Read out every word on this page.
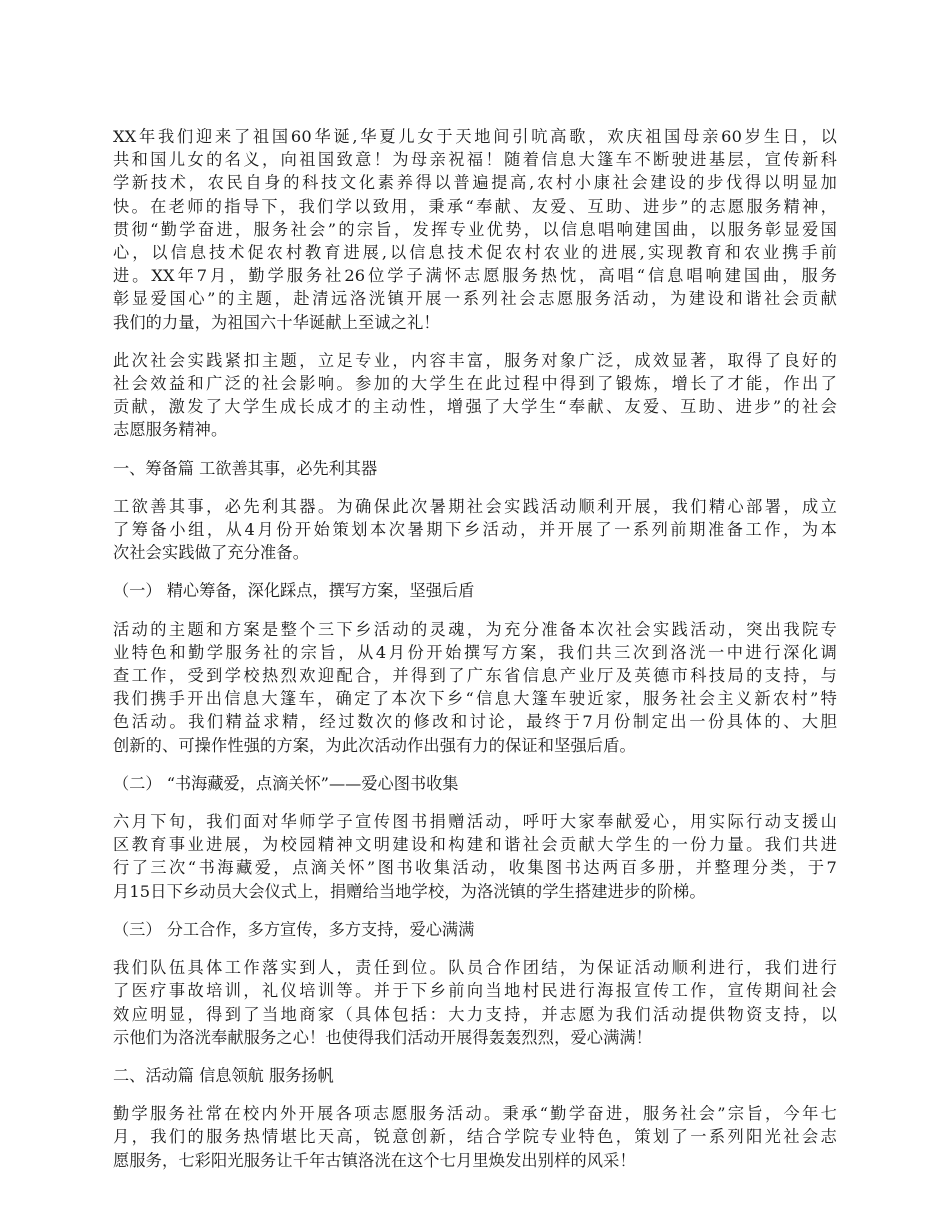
XX年我们迎来了祖国60华诞,华夏儿女于天地间引吭高歌，欢庆祖国母亲60岁生日，以
共和国儿女的名义，向祖国致意！为母亲祝福！随着信息大篷车不断驶进基层，宣传新科
学新技术，农民自身的科技文化素养得以普遍提高,农村小康社会建设的步伐得以明显加
快。在老师的指导下，我们学以致用，秉承“奉献、友爱、互助、进步”的志愿服务精神，
贯彻“勤学奋进，服务社会”的宗旨，发挥专业优势，以信息唱响建国曲，以服务彰显爱国
心，以信息技术促农村教育进展,以信息技术促农村农业的进展,实现教育和农业携手前
进。XX年7月，勤学服务社26位学子满怀志愿服务热忱，高唱“信息唱响建国曲，服务
彰显爱国心”的主题，赴清远洛洸镇开展一系列社会志愿服务活动，为建设和谐社会贡献
我们的力量，为祖国六十华诞献上至诚之礼！
此次社会实践紧扣主题，立足专业，内容丰富，服务对象广泛，成效显著，取得了良好的
社会效益和广泛的社会影响。参加的大学生在此过程中得到了锻炼，增长了才能，作出了
贡献，激发了大学生成长成才的主动性，增强了大学生“奉献、友爱、互助、进步”的社会
志愿服务精神。
一、筹备篇 工欲善其事，必先利其器
工欲善其事，必先利其器。为确保此次暑期社会实践活动顺利开展，我们精心部署，成立
了筹备小组，从4月份开始策划本次暑期下乡活动，并开展了一系列前期准备工作，为本
次社会实践做了充分准备。
（一） 精心筹备，深化踩点，撰写方案，坚强后盾
活动的主题和方案是整个三下乡活动的灵魂，为充分准备本次社会实践活动，突出我院专
业特色和勤学服务社的宗旨，从4月份开始撰写方案，我们共三次到洛洸一中进行深化调
查工作，受到学校热烈欢迎配合，并得到了广东省信息产业厅及英德市科技局的支持，与
我们携手开出信息大篷车，确定了本次下乡“信息大篷车驶近家，服务社会主义新农村”特
色活动。我们精益求精，经过数次的修改和讨论，最终于7月份制定出一份具体的、大胆
创新的、可操作性强的方案，为此次活动作出强有力的保证和坚强后盾。
（二） “书海藏爱，点滴关怀”——爱心图书收集
六月下旬，我们面对华师学子宣传图书捐赠活动，呼吁大家奉献爱心，用实际行动支援山
区教育事业进展，为校园精神文明建设和构建和谐社会贡献大学生的一份力量。我们共进
行了三次“书海藏爱，点滴关怀”图书收集活动，收集图书达两百多册，并整理分类，于7
月15日下乡动员大会仪式上，捐赠给当地学校，为洛洸镇的学生搭建进步的阶梯。
（三） 分工合作，多方宣传，多方支持，爱心满满
我们队伍具体工作落实到人，责任到位。队员合作团结，为保证活动顺利进行，我们进行
了医疗事故培训，礼仪培训等。并于下乡前向当地村民进行海报宣传工作，宣传期间社会
效应明显，得到了当地商家（具体包括：大力支持，并志愿为我们活动提供物资支持，以
示他们为洛洸奉献服务之心！也使得我们活动开展得轰轰烈烈，爱心满满！
二、活动篇 信息领航 服务扬帆
勤学服务社常在校内外开展各项志愿服务活动。秉承“勤学奋进，服务社会”宗旨，今年七
月，我们的服务热情堪比天高，锐意创新，结合学院专业特色，策划了一系列阳光社会志
愿服务，七彩阳光服务让千年古镇洛洸在这个七月里焕发出别样的风采！
